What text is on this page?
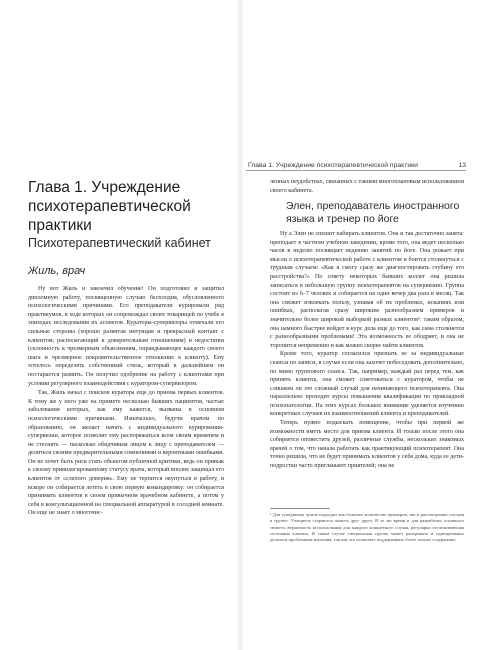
Глава 1. Учреждение психотерапевтической практики
Психотерапевтический кабинет
Жиль, врач

Ну вот Жиль и закончил обучение! Он подготовил и защитил дипломную работу, посвященную случаю бесплодия, обусловленного психологическими причинами. Его преподаватели курировали ряд практикумов, в ходе которых он сопровождал своих товарищей по учебе в эпизодах исследования их аспектов. Кураторы-супервизоры отмечали его сильные стороны (хорошо развитая интуиция и прекрасный контакт с клиентом, располагающий к доверительным отношениям) и недостатки (склонность к чрезмерным объяснениям, оправдывающее каждого своего шага и чрезмерное покровительственное отношение к клиенту). Ему хотелось определять собственный стиль, который в дальнейшем он постарается развить. Он получил одобрение на работу с клиентами при условии регулярного взаимодействия с куратором-супервизором.

Так, Жиль начал с поисков куратора еще до приема первых клиентов. К тому же у него уже на примете несколько бывших пациентов, частые заболевания которых, как ему кажется, вызваны в основном психологическими причинами. Изначально, будучи врачом по образованию, он желает начать с индивидуального курирования-супервизии, которое позволит ему распоряжаться всем своим временем и не стеснять — насколько обидчивым лицом к лицу с преподавателем — делиться своими предварительными сомнениями и вероятными ошибками. Он не хочет быть риск стать объектом публичной критики, ведь он привык к своему привилегированному статусу врача, который вполне защищал его клиентов от «слепого доверия». Ему не терпится окунуться в работу, и вскоре он собирается лететь в свою первую командировку: он собирается принимать клиентов в своем привычном врачебном кабинете, а потом у себя в консультационной на специальной аппаратурой в соседней комнате. Он еще не знает о многочис-

Глава 1. Учреждение психотерапевтической практики	13

ленных неудобствах, связанных с такими многоплановым использованием своего кабинета.

Элен, преподаватель иностранного языка и тренер по йоге

Ну а Элен не спешит набирать клиентов. Она и так достаточно занята: преподает в частном учебном заведении, кроме того, она ведет несколько часов в неделю посвящает ведению занятий по йоге. Она рожает при мысли о психотерапевтической работе с клиентом и боится столкнуться с трудным случаем: «Как я смогу сразу же диагностировать глубину его расстройства?» По совету некоторых бывших коллег она решила записаться в небольшую группу психотерапевтов на супервизию. Группа состоит из 6–7 человек и собирается на один вечер два раза в месяц. Так она сможет извлекать пользу, узнавая об их проблемах, исканиях или ошибках, располагая сразу широким разнообразием примеров и значительно более широкой выборкой разных клиентов¹: таким образом, она намного быстрее войдет в курс дела еще до того, как сама столкнется с разнообразными проблемами! Эта возможность ее ободряет, и она не торопится непременно и как можно скорее найти клиентов.

Кроме того, куратор согласился признать ее за индивидуальные сеансы по записи, в случае если она захочет побеседовать дополнительно, по мимо группового сеанса. Так, например, каждый раз перед тем, как принять клиента, она сможет советоваться с куратором, чтобы не слишком ли это сложный случай для начинающего психотерапевта. Она параллельно проходит курсы повышения квалификации по прикладной психопатологии. На этих курсах большое внимание уделяется изучению конкретных случаев их взаимоотношений клиента и преподавателей.

Теперь нужно подыскать помещение, чтобы при первой же возможности иметь место для приема клиента. И только после этого она собирается оповестить друзей, различные службы, нескольких знакомых врачей о том, что начала работать как практикующий психотерапевт. Она точно решила, что не будет принимать клиентов у себя дома, куда ее дети-подростки часто приглашают приятелей; она не

¹ Для супервизии лучше подходит как большое количество примеров, так и рассмотрение случаев в группе. Учащиеся стараются помочь друг другу. В то же время и для разработки основного сюжета, вероятность использования для каждого конкретного случая, регулярно отслеживающая состояние клиента. В таком случае специальная группа может раскрывать и одновременно делиться проблемами изучения, так как это позволяет поддерживать более полное содержание.
